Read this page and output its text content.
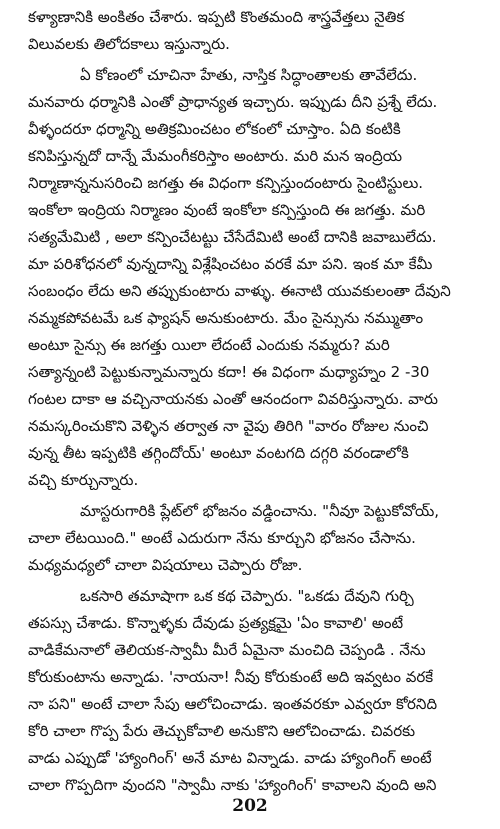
కళ్యాణానికి అంకితం చేశారు. ఇప్పటి కొంతమంది శాస్త్రవేత్తలు నైతిక
విలువలకు తిలోదకాలు ఇస్తున్నారు.
ఏ కోణంలో చూచినా హేతు, నాస్తిక సిద్ధాంతాలకు తావేలేదు.
మనవారు ధర్మానికి ఎంతో ప్రాధాన్యత ఇచ్చారు. ఇప్పుడు దీని ప్రశ్నే లేదు.
వీళ్ళందరూ ధర్మాన్ని అతిక్రమించటం లోకంలో చూస్తాం. ఏది కంటికి
కనిపిస్తున్నదో దాన్నే మేమంగీకరిస్తాం అంటారు. మరి మన ఇంద్రియ
నిర్మాణాన్ననుసరించి జగత్తు ఈ విధంగా కన్పిస్తుందంటారు సైంటిస్టులు.
ఇంకోలా ఇంద్రియ నిర్మాణం వుంటే ఇంకోలా కన్పిస్తుంది ఈ జగత్తు. మరి
సత్యమేమిటి , అలా కన్పించేటట్టు చేసేదేమిటి అంటే దానికి జవాబులేదు.
మా పరిశోధనలో వున్నదాన్ని విశ్లేషించటం వరకే మా పని. ఇంక మా కేమీ
సంబంధం లేదు అని తప్పుకుంటారు వాళ్ళు. ఈనాటి యువకులంతా దేవుని
నమ్మకపోవటమే ఒక ఫ్యాషన్ అనుకుంటారు. మేం సైన్సును నమ్ముతాం
అంటూ సైన్సు ఈ జగత్తు యిలా లేదంటే ఎందుకు నమ్మరు? మరి
సత్యాన్నంటి పెట్టుకున్నామన్నారు కదా! ఈ విధంగా మధ్యాహ్నం 2 -30
గంటల దాకా ఆ వచ్చినాయనకు ఎంతో ఆనందంగా వివరిస్తున్నారు. వారు
నమస్కరించుకొని వెళ్ళిన తర్వాత నా వైపు తిరిగి "వారం రోజుల నుంచి
వున్న తీట ఇప్పటికి తగ్గిందోయ్' అంటూ వంటగది దగ్గరి వరండాలోకి
వచ్చి కూర్చున్నారు.
మాస్టరుగారికి ప్లేట్‌లో భోజనం వడ్డించాను. "నీవూ పెట్టుకోవోయ్,
చాలా లేటయింది." అంటే ఎదురుగా నేను కూర్చుని భోజనం చేసాను.
మధ్యమధ్యలో చాలా విషయాలు చెప్పారు రోజా.
ఒకసారి తమాషాగా ఒక కథ చెప్పారు. "ఒకడు దేవుని గుర్చి
తపస్సు చేశాడు. కొన్నాళ్ళకు దేవుడు ప్రత్యక్షమై 'ఏం కావాలి' అంటే
వాడికేమనాలో తెలియక-స్వామీ మీరే ఏమైనా మంచిది చెప్పండి . నేను
కోరుకుంటాను అన్నాడు. 'నాయనా! నీవు కోరుకుంటే అది ఇవ్వటం వరకే
నా పని" అంటే చాలా సేపు ఆలోచించాడు. ఇంతవరకూ ఎవ్వరూ కోరనిది
కోరి చాలా గొప్ప పేరు తెచ్చుకోవాలి అనుకొని ఆలోచించాడు. చివరకు
వాడు ఎప్పుడో 'హ్యాంగింగ్' అనే మాట విన్నాడు. వాడు హ్యాంగింగ్ అంటే
చాలా గొప్పదిగా వుందని "స్వామీ నాకు 'హ్యాంగింగ్' కావాలని వుంది అని
202
